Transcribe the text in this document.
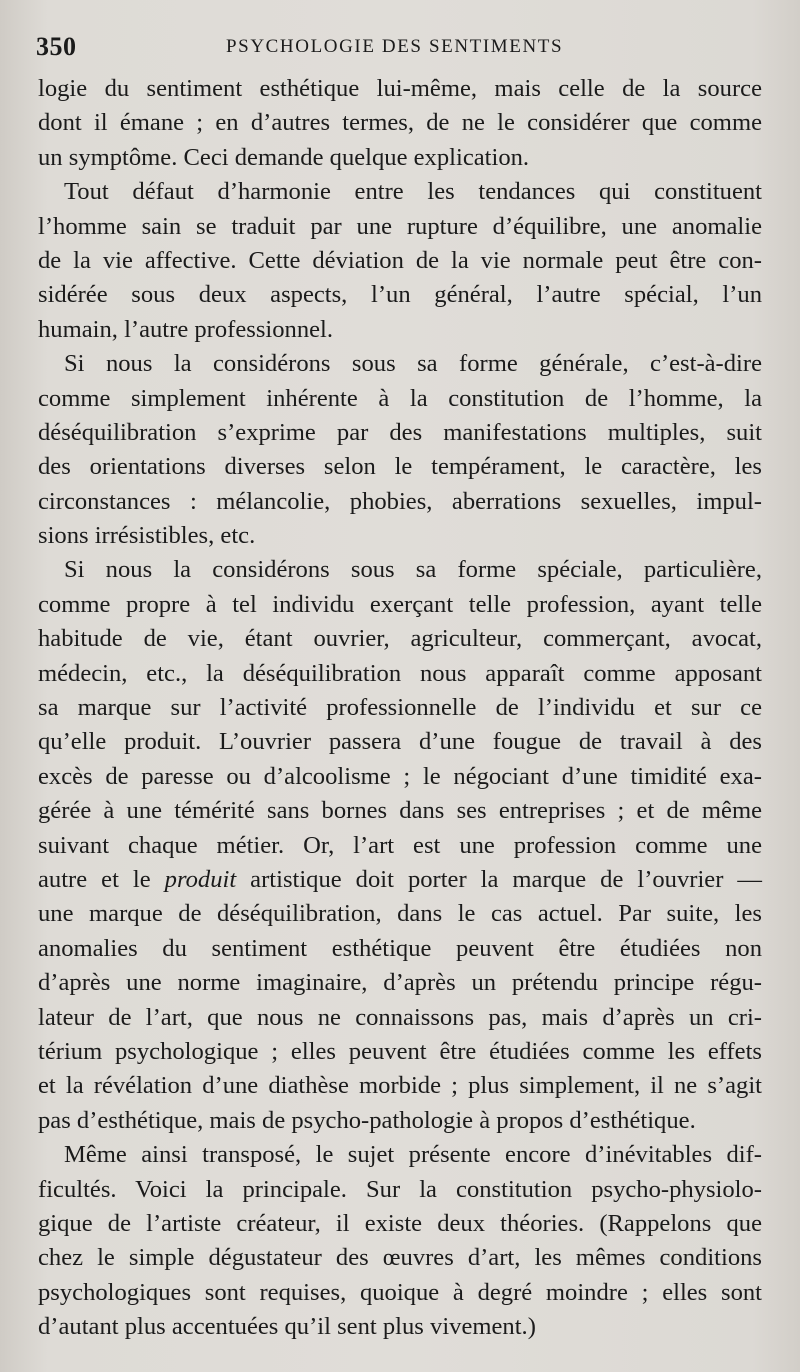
350	PSYCHOLOGIE DES SENTIMENTS

logie du sentiment esthétique lui-même, mais celle de la source
dont il émane ; en d’autres termes, de ne le considérer que comme
un symptôme. Ceci demande quelque explication.

Tout défaut d’harmonie entre les tendances qui constituent
l’homme sain se traduit par une rupture d’équilibre, une anomalie
de la vie affective. Cette déviation de la vie normale peut être con-
sidérée sous deux aspects, l’un général, l’autre spécial, l’un
humain, l’autre professionnel.

Si nous la considérons sous sa forme générale, c’est-à-dire
comme simplement inhérente à la constitution de l’homme, la
déséquilibration s’exprime par des manifestations multiples, suit
des orientations diverses selon le tempérament, le caractère, les
circonstances : mélancolie, phobies, aberrations sexuelles, impul-
sions irrésistibles, etc.

Si nous la considérons sous sa forme spéciale, particulière,
comme propre à tel individu exerçant telle profession, ayant telle
habitude de vie, étant ouvrier, agriculteur, commerçant, avocat,
médecin, etc., la déséquilibration nous apparaît comme apposant
sa marque sur l’activité professionnelle de l’individu et sur ce
qu’elle produit. L’ouvrier passera d’une fougue de travail à des
excès de paresse ou d’alcoolisme ; le négociant d’une timidité exa-
gérée à une témérité sans bornes dans ses entreprises ; et de même
suivant chaque métier. Or, l’art est une profession comme une
autre et le produit artistique doit porter la marque de l’ouvrier —
une marque de déséquilibration, dans le cas actuel. Par suite, les
anomalies du sentiment esthétique peuvent être étudiées non
d’après une norme imaginaire, d’après un prétendu principe régu-
lateur de l’art, que nous ne connaissons pas, mais d’après un cri-
térium psychologique ; elles peuvent être étudiées comme les effets
et la révélation d’une diathèse morbide ; plus simplement, il ne s’agit
pas d’esthétique, mais de psycho-pathologie à propos d’esthétique.

Même ainsi transposé, le sujet présente encore d’inévitables dif-
ficultés. Voici la principale. Sur la constitution psycho-physiolo-
gique de l’artiste créateur, il existe deux théories. (Rappelons que
chez le simple dégustateur des œuvres d’art, les mêmes conditions
psychologiques sont requises, quoique à degré moindre ; elles sont
d’autant plus accentuées qu’il sent plus vivement.)
